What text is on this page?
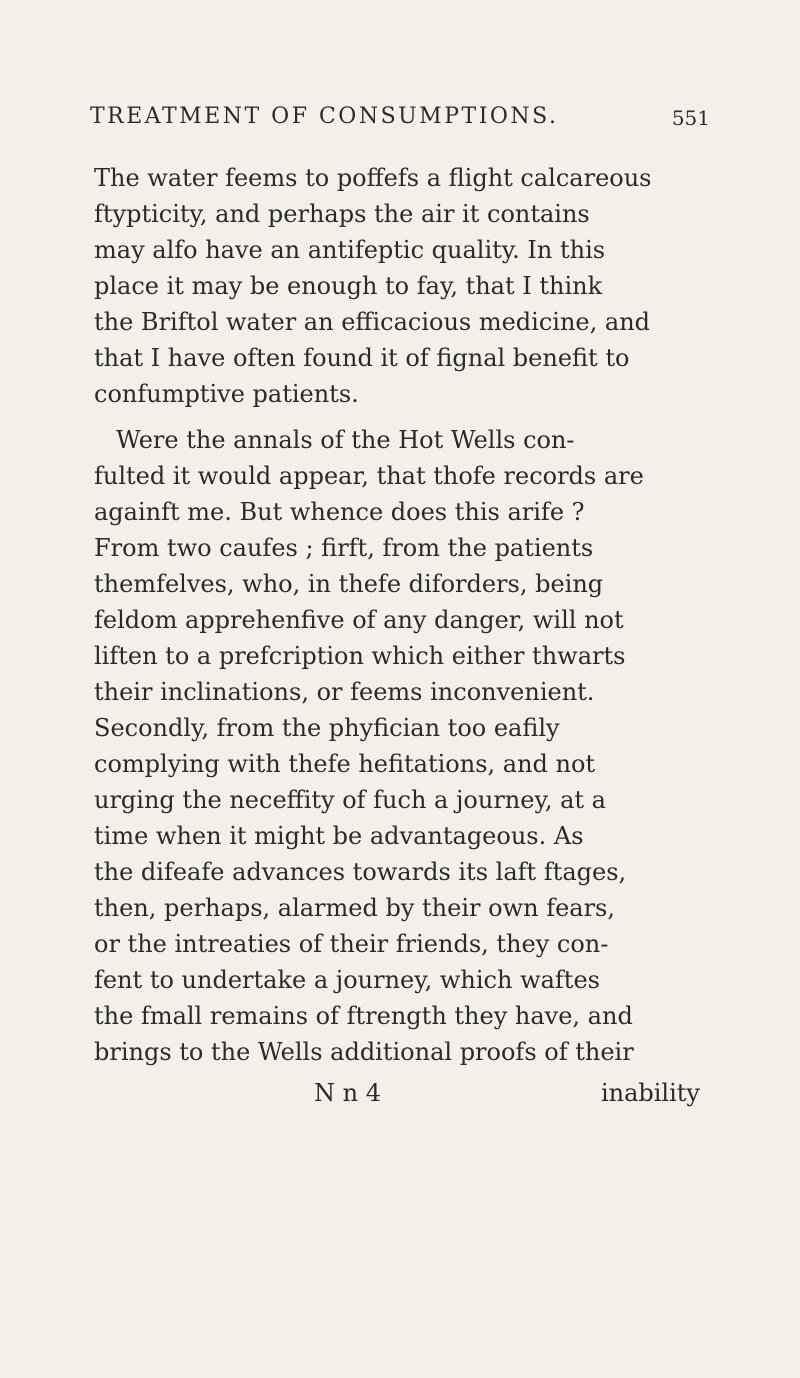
TREATMENT OF CONSUMPTIONS.	551
The water feems to poffefs a flight calcareous
ftypticity, and perhaps the air it contains
may alfo have an antifeptic quality. In this
place it may be enough to fay, that I think
the Briftol water an efficacious medicine, and
that I have often found it of fignal benefit to
confumptive patients.
Were the annals of the Hot Wells con-
fulted it would appear, that thofe records are
againft me. But whence does this arife ?
From two caufes ; firft, from the patients
themfelves, who, in thefe diforders, being
feldom apprehenfive of any danger, will not
liften to a prefcription which either thwarts
their inclinations, or feems inconvenient.
Secondly, from the phyfician too eafily
complying with thefe hefitations, and not
urging the neceffity of fuch a journey, at a
time when it might be advantageous. As
the difeafe advances towards its laft ftages,
then, perhaps, alarmed by their own fears,
or the intreaties of their friends, they con-
fent to undertake a journey, which waftes
the fmall remains of ftrength they have, and
brings to the Wells additional proofs of their
N n 4	inability
